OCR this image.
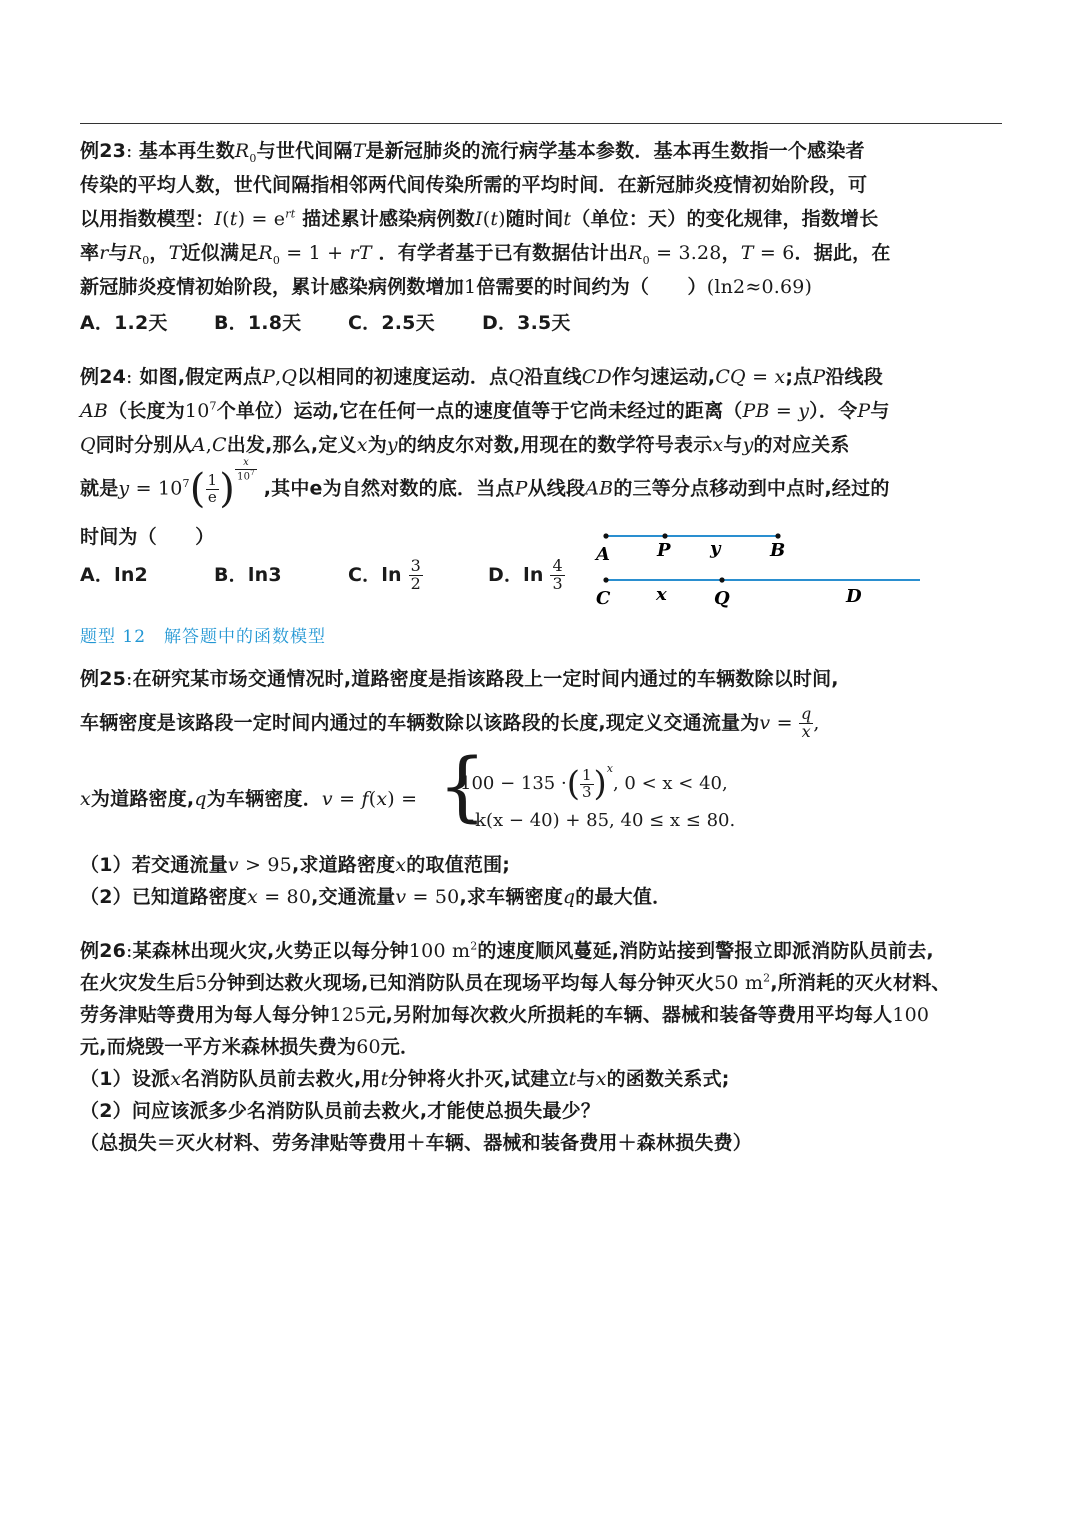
例23: 基本再生数$R_0$与世代间隔T是新冠肺炎的流行病学基本参数．基本再生数指一个感染者
传染的平均人数，世代间隔指相邻两代间传染所需的平均时间．在新冠肺炎疫情初始阶段，可
以用指数模型：$I(t) = e^{rt}$ 描述累计感染病例数I(t)随时间t（单位：天）的变化规律，指数增长
率r与$R_0$，T近似满足$R_0 = 1$ + rT ．有学者基于已有数据估计出$R_0 = 3.28$，T = 6．据此，在
新冠肺炎疫情初始阶段，累计感染病例数增加1倍需要的时间约为（　　）(ln2≈0.69)
A．1.2天 B．1.8天 C．2.5天 D．3.5天
例24: 如图,假定两点P,Q以相同的初速度运动．点Q沿直线CD作匀速运动,CQ = x;点P沿线段
AB（长度为$10^7$个单位）运动,它在任何一点的速度值等于它尚未经过的距离（PB = y）．令P与
Q同时分别从A,C出发,那么,定义x为y的纳皮尔对数,用现在的数学符号表示x与y的对应关系
就是$y = 10^7( \frac{1}{e}$ ) $^{\frac{x}{10^7}}$
,其中e为自然对数的底．当点P从线段AB的三等分点移动到中点时,经过的
时间为（　　）
A．ln2	B．ln3	C．$\ln \frac{3}{2}$	D．$\ln \frac{4}{3}$
A	P y	B
C	x	Q	D
题型 12　解答题中的函数模型
例25:在研究某市场交通情况时,道路密度是指该路段上一定时间内通过的车辆数除以时间,
车辆密度是该路段一定时间内通过的车辆数除以该路段的长度,现定义交通流量为$v = \frac{q}{x}$ ,
x为道路密度,q为车辆密度．v = f(x) = {
100 − 135 ·( $\frac{1}{3} )^x$, 0 < x < 40,
−k(x − 40) + 85, 40 ≤ x ≤ 80.
（1）若交通流量v > 95,求道路密度x的取值范围;
（2）已知道路密度x = 80,交通流量v = 50,求车辆密度q的最大值．
例26:某森林出现火灾,火势正以每分钟100 $m^2$的速度顺风蔓延,消防站接到警报立即派消防队员前去,
在火灾发生后5分钟到达救火现场,已知消防队员在现场平均每人每分钟灭火50 $m^2$,所消耗的灭火材料、
劳务津贴等费用为每人每分钟125元,另附加每次救火所损耗的车辆、器械和装备等费用平均每人100
元,而烧毁一平方米森林损失费为60元．
（1）设派x名消防队员前去救火,用t分钟将火扑灭,试建立t与x的函数关系式;
（2）问应该派多少名消防队员前去救火,才能使总损失最少？
（总损失＝灭火材料、劳务津贴等费用＋车辆、器械和装备费用＋森林损失费）
